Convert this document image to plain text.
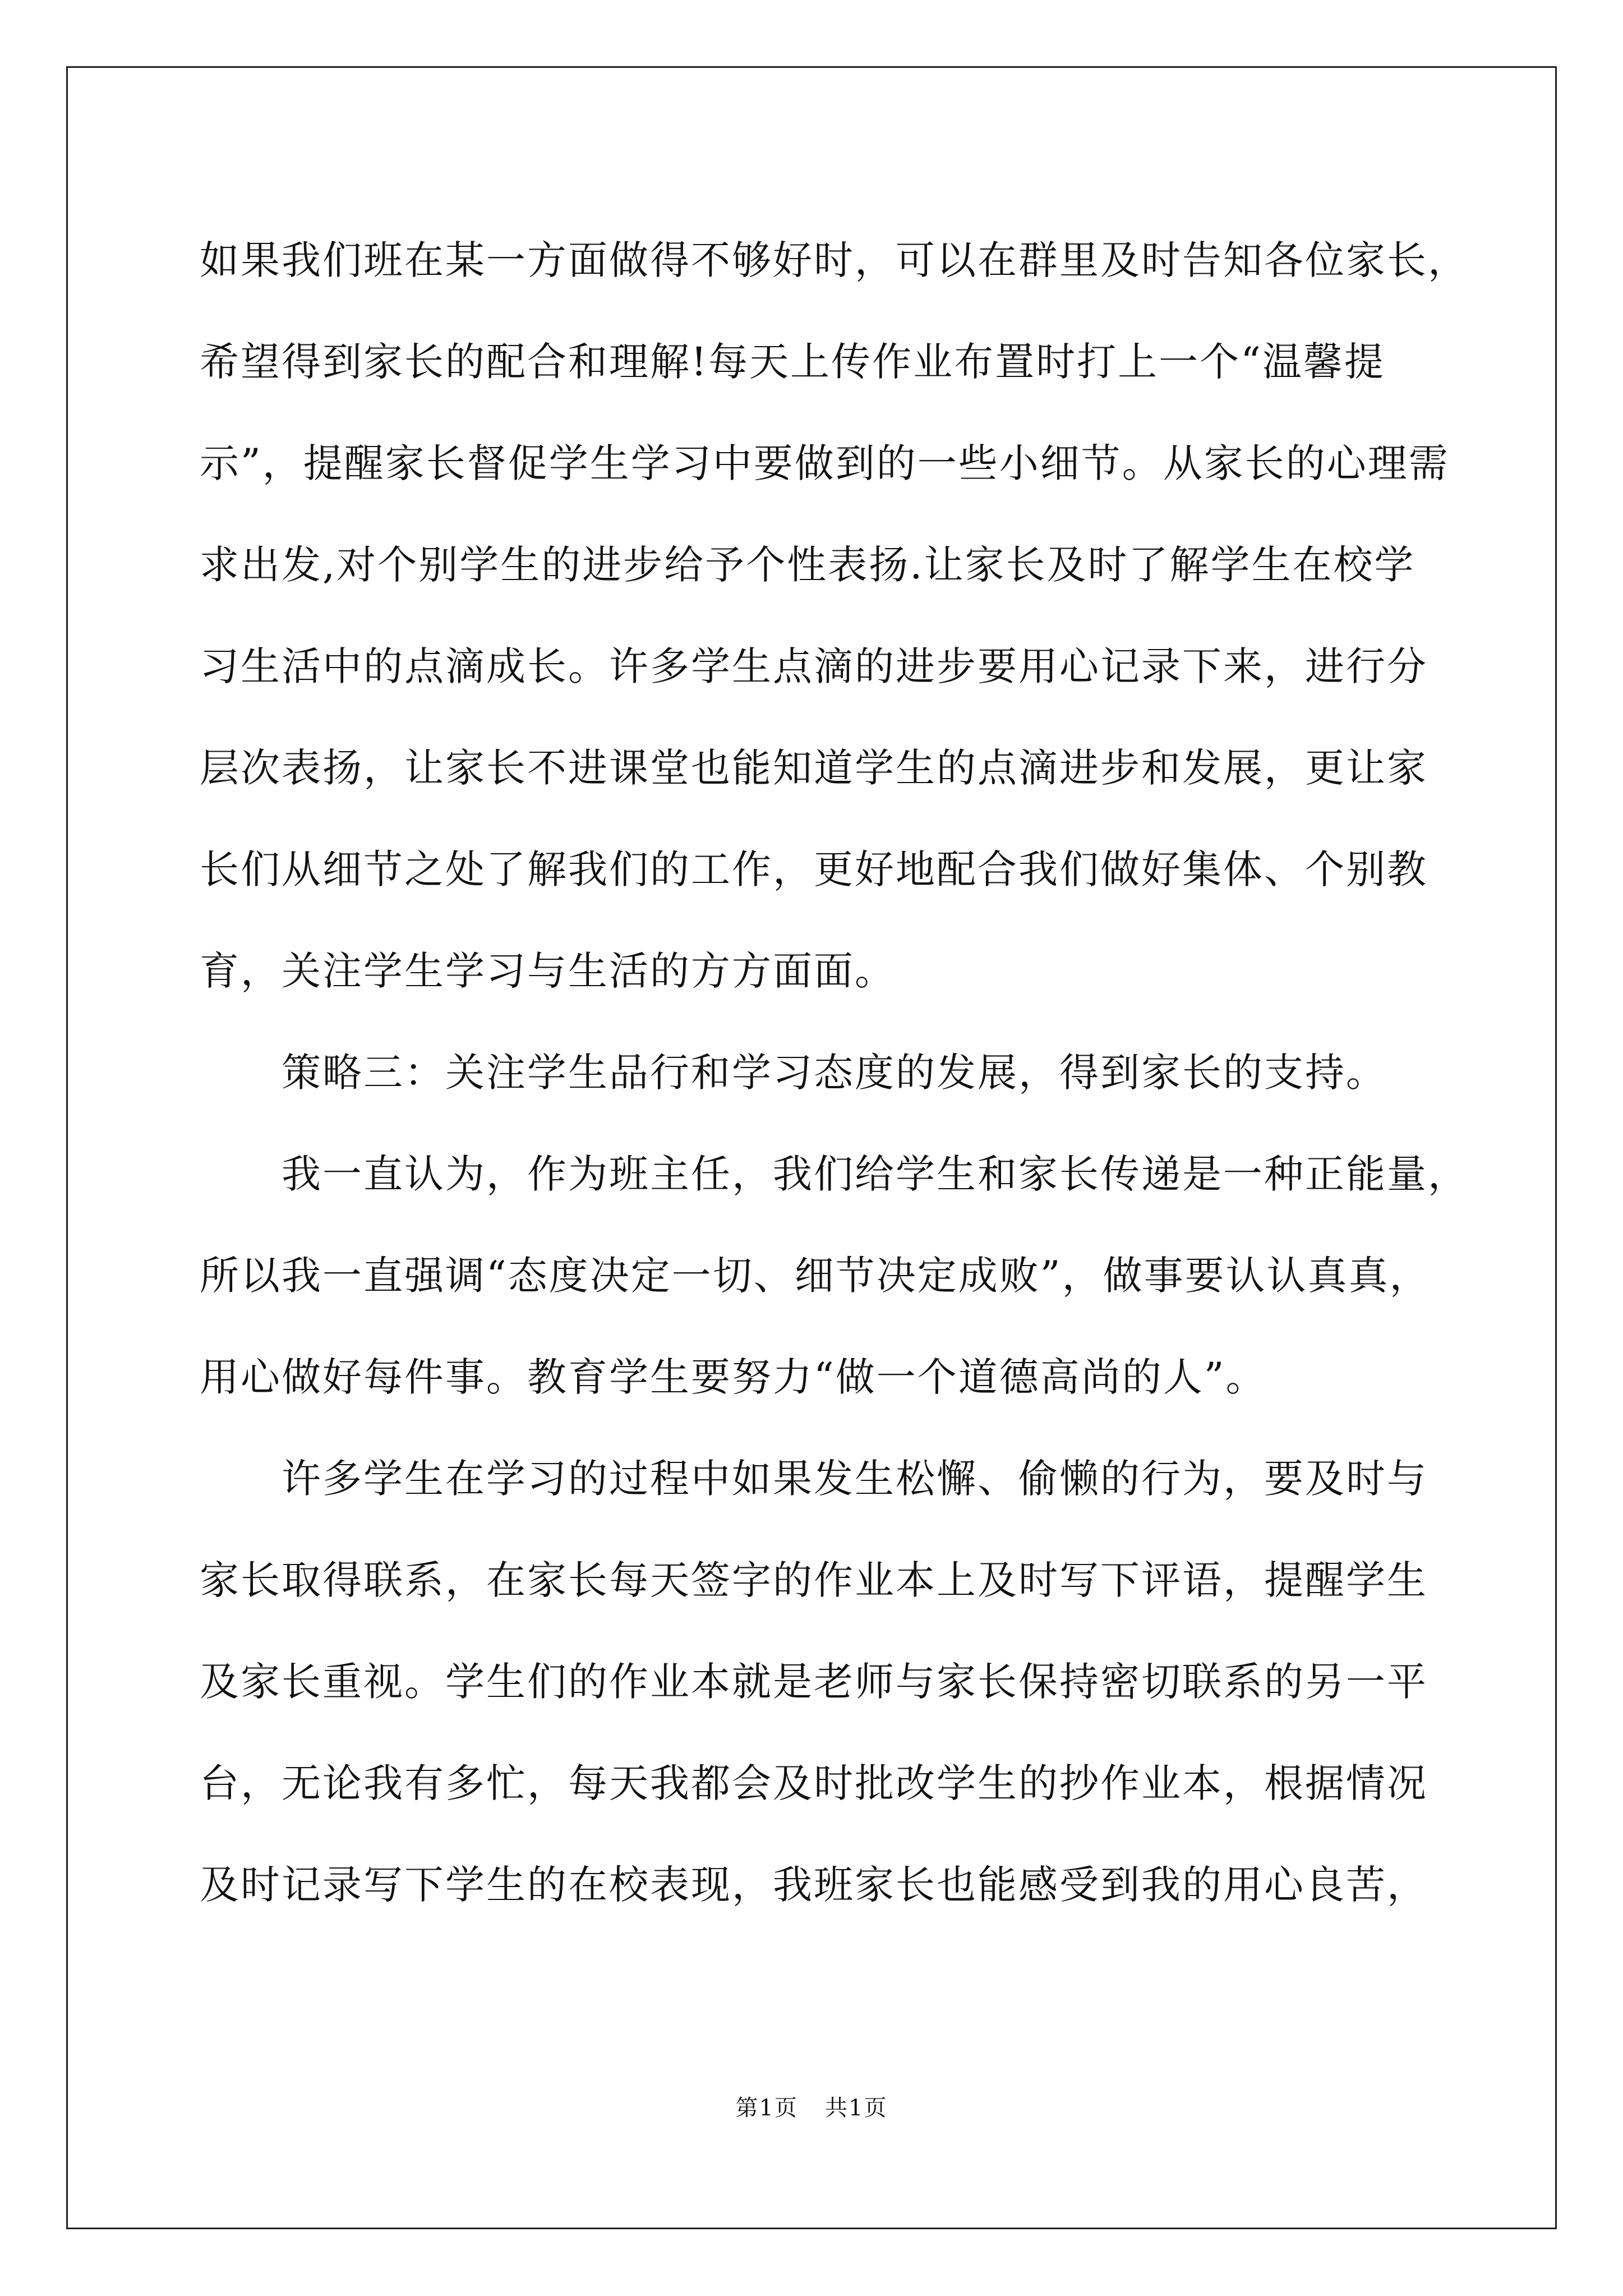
如果我们班在某一方面做得不够好时，可以在群里及时告知各位家长，
希望得到家长的配合和理解!每天上传作业布置时打上一个“温馨提
示”，提醒家长督促学生学习中要做到的一些小细节。从家长的心理需
求出发,对个别学生的进步给予个性表扬.让家长及时了解学生在校学
习生活中的点滴成长。许多学生点滴的进步要用心记录下来，进行分
层次表扬，让家长不进课堂也能知道学生的点滴进步和发展，更让家
长们从细节之处了解我们的工作，更好地配合我们做好集体、个别教
育，关注学生学习与生活的方方面面。
策略三：关注学生品行和学习态度的发展，得到家长的支持。
我一直认为，作为班主任，我们给学生和家长传递是一种正能量，
所以我一直强调“态度决定一切、细节决定成败”，做事要认认真真，
用心做好每件事。教育学生要努力“做一个道德高尚的人”。
许多学生在学习的过程中如果发生松懈、偷懒的行为，要及时与
家长取得联系，在家长每天签字的作业本上及时写下评语，提醒学生
及家长重视。学生们的作业本就是老师与家长保持密切联系的另一平
台，无论我有多忙，每天我都会及时批改学生的抄作业本，根据情况
及时记录写下学生的在校表现，我班家长也能感受到我的用心良苦，
第1页 共1页
